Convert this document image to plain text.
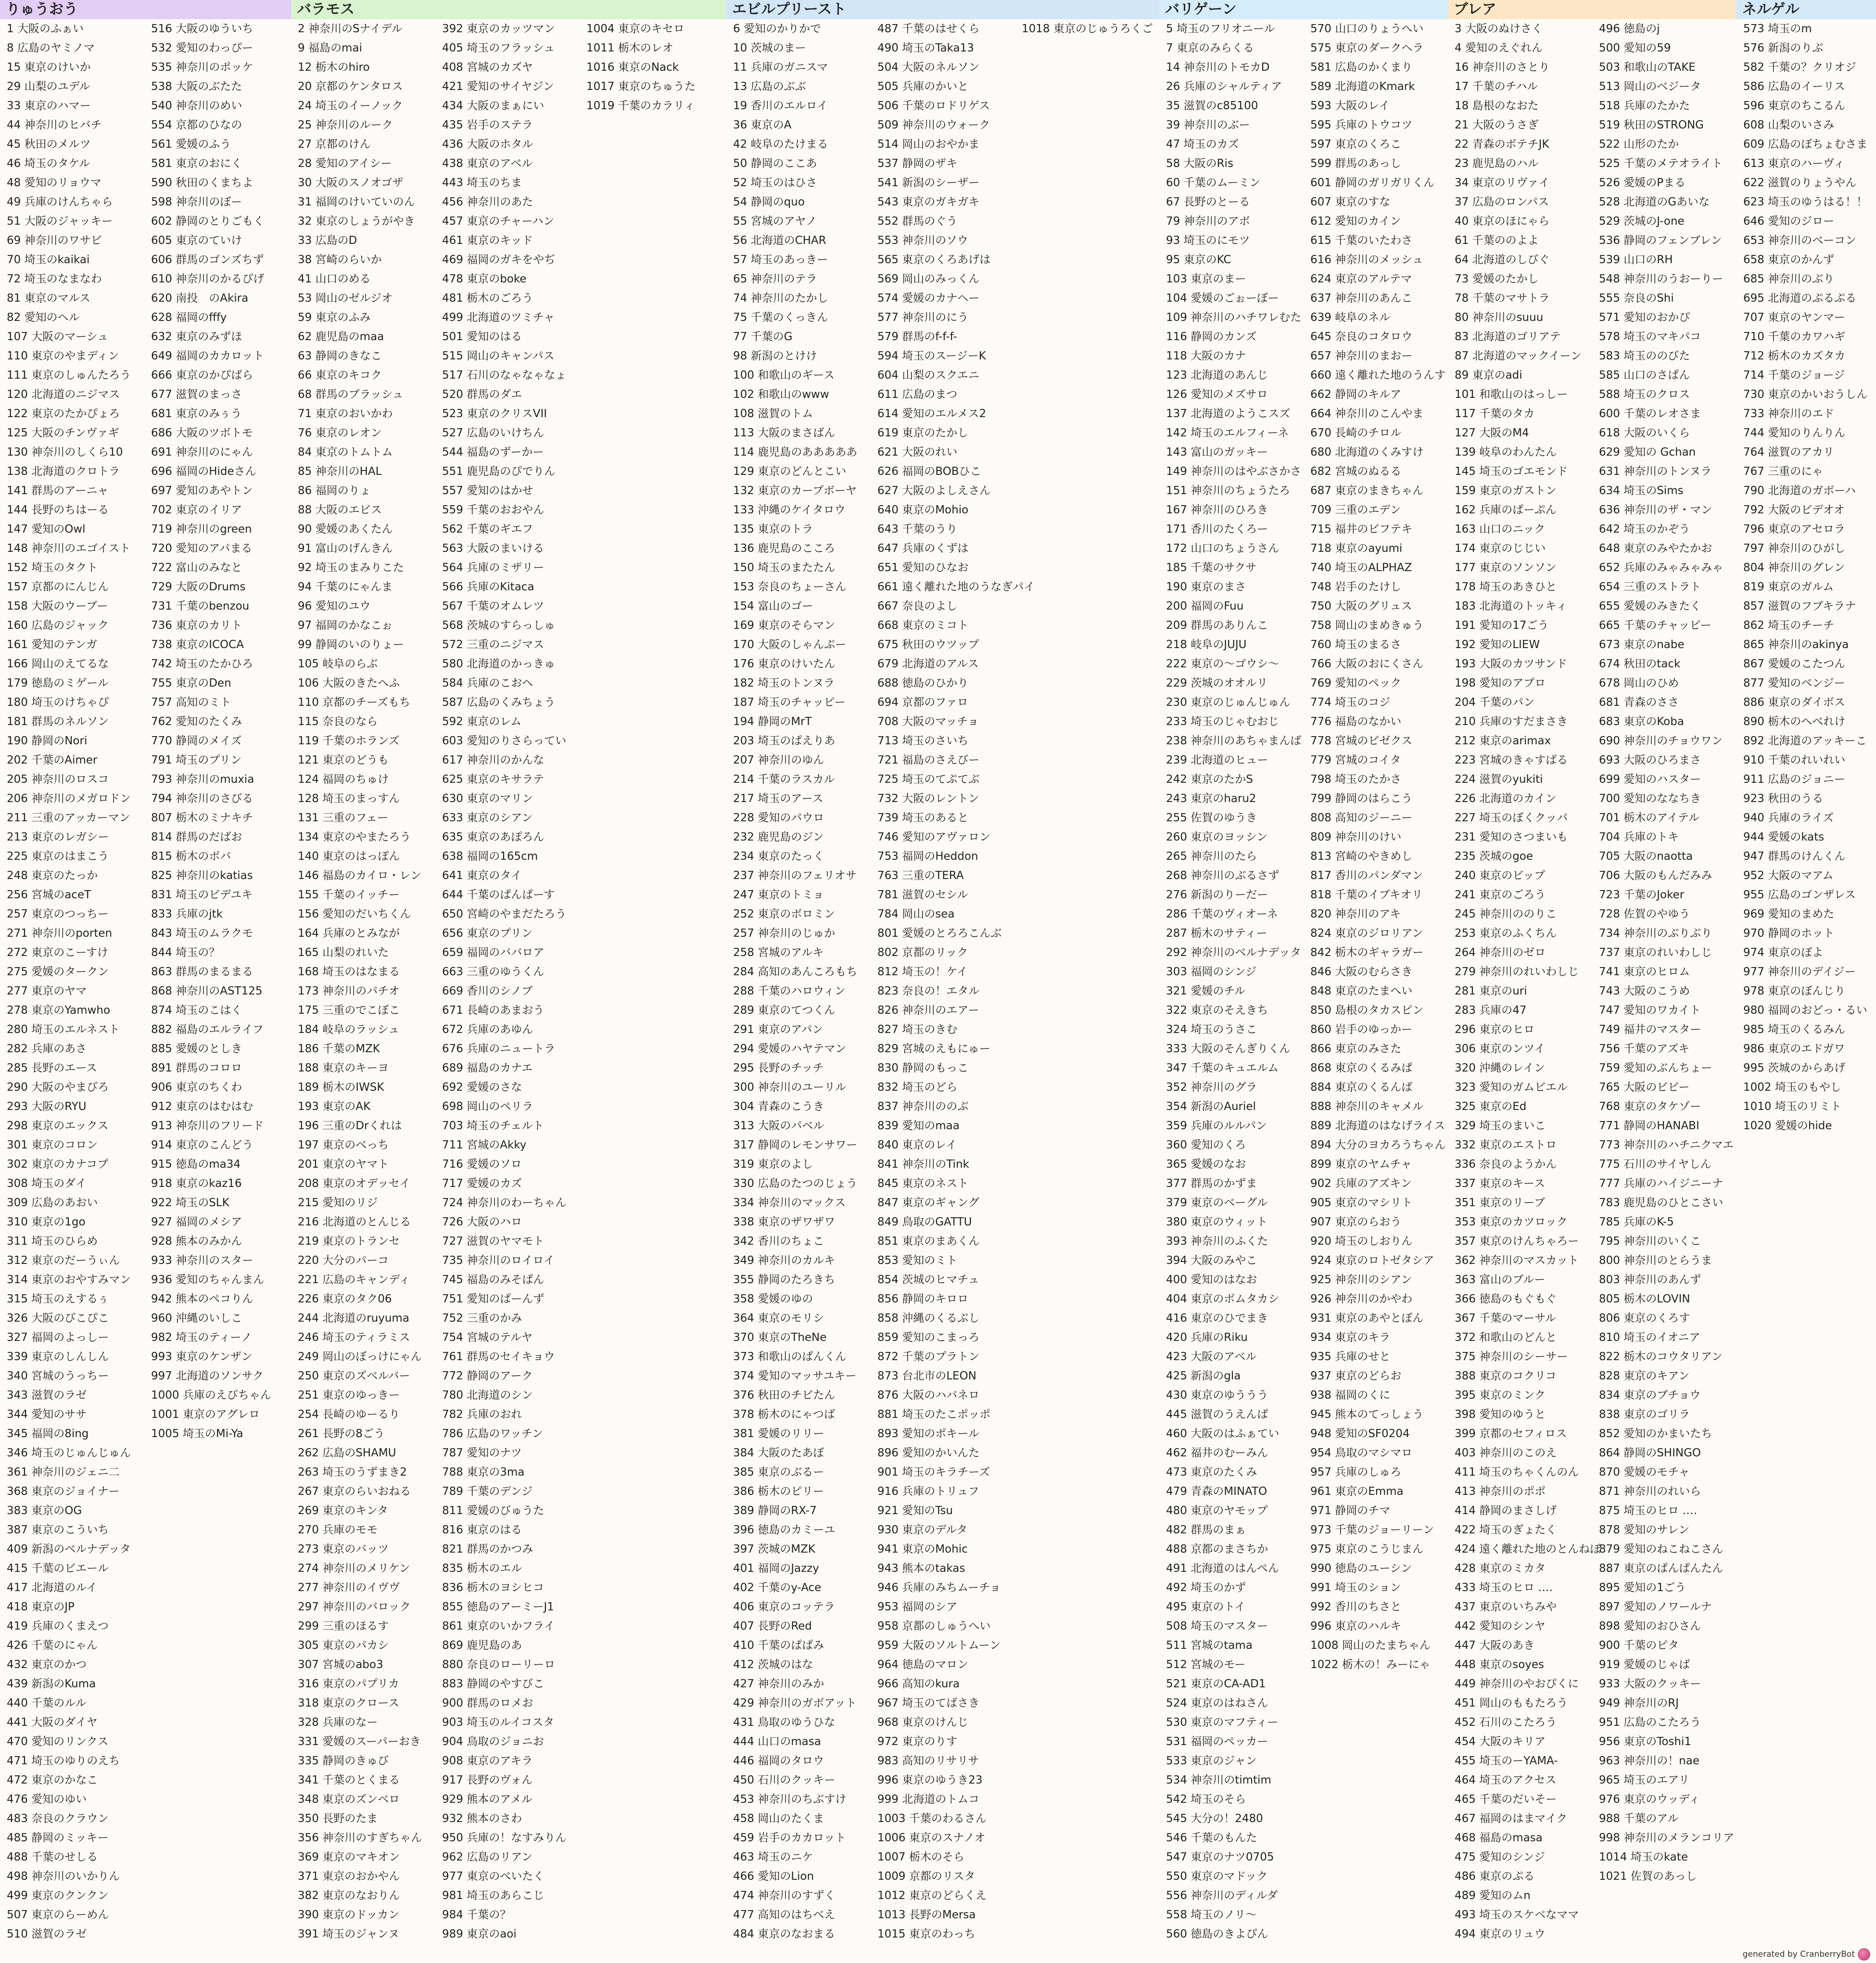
りゅうおう
1 大阪のふぁい
8 広島のヤミノマ
15 東京のけいか
29 山梨のユデル
33 東京のハマー
44 神奈川のヒバチ
45 秋田のメルツ
46 埼玉のタケル
48 愛知のリョウマ
49 兵庫のけんちゃら
51 大阪のジャッキー
69 神奈川のワサビ
70 埼玉のkaikai
72 埼玉のなまなわ
81 東京のマルス
82 愛知のヘル
107 大阪のマーシュ
110 東京のやまディン
111 東京のしゅんたろう
120 北海道のニジマス
122 東京のたかぴょろ
125 大阪のチンヴァギ
130 神奈川のしくら10
138 北海道のクロトラ
141 群馬のアーニャ
144 長野のちはーる
147 愛知のOwl
148 神奈川のエゴイスト
152 埼玉のタクト
157 京都のにんじん
158 大阪のウーブー
160 広島のジャック
161 愛知のテンガ
166 岡山のえてるな
179 徳島のミゲール
180 埼玉のけちゃぴ
181 群馬のネルソン
190 静岡のNori
202 千葉のAimer
205 神奈川のロスコ
206 神奈川のメガロドン
211 三重のアッカーマン
213 東京のレガシー
225 東京のはまこう
248 東京のたっか
256 宮城のaceT
257 東京のつっちー
271 神奈川のporten
272 東京のこーすけ
275 愛媛のタークン
277 東京のヤマ
278 東京のYamwho
280 埼玉のエルネスト
282 兵庫のあさ
285 長野のエース
290 大阪のやまびろ
293 大阪のRYU
298 東京のエックス
301 東京のコロン
302 東京のカナコプ
308 埼玉のダイ
309 広島のあおい
310 東京の1go
311 埼玉のひらめ
312 東京のだーうぃん
314 東京のおやすみマン
315 埼玉のえするぅ
326 大阪のびこぴこ
327 福岡のよっしー
339 東京のしんしん
340 宮城のうっちー
343 滋賀のラゼ
344 愛知のササ
345 福岡の8ing
346 埼玉のじゅんじゅん
361 神奈川のジェニ二
368 東京のジョイナー
383 東京のOG
387 東京のこういち
409 新潟のベルナデッタ
415 千葉のビエール
417 北海道のルイ
418 東京のJP
419 兵庫のくまえつ
426 千葉のにゃん
432 東京のかつ
439 新潟のKuma
440 千葉のルル
441 大阪のダイヤ
470 愛知のリンクス
471 埼玉のゆりのえち
472 東京のかなこ
476 愛知のゆい
483 奈良のクラウン
485 静岡のミッキー
488 千葉のせしる
498 神奈川のいかりん
499 東京のクンクン
507 東京のらーめん
510 滋賀のラゼ
516 大阪のゆういち
532 愛知のわっぴー
535 神奈川のポッケ
538 大阪のぶたた
540 神奈川のめい
554 京都のひなの
561 愛媛のふう
581 東京のおにく
590 秋田のくまちよ
598 神奈川のぼー
602 静岡のとりごもく
605 東京のていけ
606 群馬のゴンズちず
610 神奈川のかるぴげ
620 南投　のAkira
628 福岡のfffy
632 東京のみずほ
649 福岡のカカロット
666 東京のかぴばら
677 滋賀のまっさ
681 東京のみぅう
686 大阪のツボトモ
691 神奈川のにゃん
696 福岡のHideさん
697 愛知のあやトン
702 東京のイリア
719 神奈川のgreen
720 愛知のアパまる
722 富山のみなと
729 大阪のDrums
731 千葉のbenzou
736 東京のカリト
738 東京のICOCA
742 埼玉のたかひろ
755 東京のDen
757 高知のミト
762 愛知のたくみ
770 静岡のメイズ
791 埼玉のプリン
793 神奈川のmuxia
794 神奈川のさびる
807 栃木のミナキチ
814 群馬のだばお
815 栃木のボバ
825 神奈川のkatias
831 埼玉のビデユキ
833 兵庫のjtk
843 埼玉のムラクモ
844 埼玉の？
863 群馬のまるまる
868 神奈川のAST125
874 埼玉のこはく
882 福島のエルライフ
885 愛媛のとしき
891 群馬のコロロ
906 東京のちくわ
912 東京のはむはむ
913 神奈川のフリード
914 東京のこんどう
915 徳島のma34
918 東京のkaz16
922 埼玉のSLK
927 福岡のメシア
928 熊本のみかん
933 神奈川のスター
936 愛知のちゃんまん
942 熊本のペコりん
960 沖縄のいしこ
982 埼玉のティーノ
993 東京のケンザン
997 北海道のソンサク
1000 兵庫のえびちゃん
1001 東京のアグレロ
1005 埼玉のMi-Ya
バラモス
2 神奈川のSナイデル
9 福島のmai
12 栃木のhiro
20 京都のケンタロス
24 埼玉のイーノック
25 神奈川のルーク
27 京都のけん
28 愛知のアイシー
30 大阪のスノオゴザ
31 福岡のけいていのん
32 東京のしょうがやき
33 広島のD
38 宮崎のらいか
41 山口のめる
53 岡山のゼルジオ
59 東京のふみ
62 鹿児島のmaa
63 静岡のきなこ
66 東京のキコク
68 群馬のブラッシュ
71 東京のおいかわ
76 東京のレオン
84 東京のトムトム
85 神奈川のHAL
86 福岡のりょ
88 大阪のエビス
90 愛媛のあくたん
91 富山のげんきん
92 埼玉のまみりこた
94 千葉のにゃんま
96 愛知のユウ
97 福岡のかなこぉ
99 静岡のいのりょー
105 岐阜のらぶ
106 大阪のきたへふ
110 京都のチーズもち
115 奈良のなら
119 千葉のホランズ
121 東京のどうも
124 福岡のちゅけ
128 埼玉のまっすん
131 三重のフェー
134 東京のやまたろう
140 東京のはっぽん
146 福島のカイロ・レン
155 千葉のイッチー
156 愛知のだいちくん
164 兵庫のとみなが
165 山梨のれいた
168 埼玉のはなまる
173 神奈川のパチオ
175 三重のでこぼこ
184 岐阜のラッシュ
186 千葉のMZK
188 東京のキーヨ
189 栃木のIWSK
193 東京のAK
196 三重のDrくれは
197 東京のべっち
201 東京のヤマト
208 東京のオデッセイ
215 愛知のリジ
216 北海道のとんじる
219 東京のトランセ
220 大分のパーコ
221 広島のキャンディ
226 東京のタク06
244 北海道のruyuma
246 埼玉のティラミス
249 岡山のぼっけにゃん
250 東京のズベルバー
251 東京のゆっきー
254 長崎のゆーるり
261 長野の8ごう
262 広島のSHAMU
263 埼玉のうずまき2
267 東京のらいおねる
269 東京のキンタ
270 兵庫のモモ
273 東京のバッツ
274 神奈川のメリケン
277 神奈川のイヴヴ
297 神奈川のバロック
299 三重のほるす
305 東京のパカシ
307 宮城のabo3
316 東京のパプリカ
318 東京のクロース
328 兵庫のなー
331 愛媛のスーパーおき
335 静岡のきゅび
341 千葉のとくまる
348 東京のズンベロ
350 長野のたま
356 神奈川のすぎちゃん
369 東京のマキオン
371 東京のおかやん
382 東京のなおりん
390 東京のドッカン
391 埼玉のジャンヌ
392 東京のカッツマン
405 埼玉のフラッシュ
408 宮城のカズヤ
421 愛知のサイヤジン
434 大阪のまぁにい
435 岩手のステラ
436 大阪のホタル
438 東京のアベル
443 埼玉のちま
456 神奈川のあた
457 東京のチャーハン
461 東京のキッド
469 福岡のガキをやぢ
478 東京のboke
481 栃木のごろう
499 北海道のツミチャ
501 愛知のはる
515 岡山のキャンパス
517 石川のなゃなゃなょ
520 群馬のダエ
523 東京のクリスVII
527 広島のいけちん
544 福島のずーかー
551 鹿児島のぴでりん
557 愛知のはかせ
559 千葉のおおやん
562 千葉のギエフ
563 大阪のまいける
564 兵庫のミザリー
566 兵庫のKitaca
567 千葉のオムレツ
568 茨城のすらっしゅ
572 三重のニジマス
580 北海道のかっきゅ
584 兵庫のこおへ
587 広島のくみちょう
592 東京のレム
603 愛知のりさらってい
617 神奈川のかんな
625 東京のキサラテ
630 東京のマリン
633 東京のシアン
635 東京のあぽろん
638 福岡の165cm
641 東京のタイ
644 千葉のぱんぱーす
650 宮崎のやまだたろう
656 東京のプリン
659 福岡のババロア
663 三重のゆうくん
669 香川のシノブ
671 長崎のあまおう
672 兵庫のあゆん
676 兵庫のニュートラ
689 福島のカナエ
692 愛媛のさな
698 岡山のペリラ
703 埼玉のチェルト
711 宮城のAkky
716 愛媛のソロ
717 愛媛のカズ
724 神奈川のわーちゃん
726 大阪のハロ
727 滋賀のヤマモト
735 神奈川のロイロイ
745 福島のみそぱん
751 愛知のぱーんず
752 三重のかみ
754 宮城のテルヤ
761 群馬のセイキョウ
772 静岡のアーク
780 北海道のシン
782 兵庫のおれ
786 広島のワッチン
787 愛知のナツ
788 東京の3ma
789 千葉のデンジ
811 愛媛のびゅうた
816 東京のはる
821 群馬のかつみ
835 栃木のエル
836 栃木のヨシヒコ
855 徳島のアーミーJ1
861 東京のいかフライ
869 鹿児島のあ
880 奈良のローリーロ
883 静岡のやすびこ
900 群馬のロメお
903 埼玉のルイコスタ
904 鳥取のジョニお
908 東京のアキラ
917 長野のヴォん
929 熊本のアメル
932 熊本のさわ
950 兵庫の！なすみりん
962 広島のリアン
977 東京のべいたく
981 埼玉のあらこじ
984 千葉の？
989 東京のaoi
1004 東京のキセロ
1011 栃木のレオ
1016 東京のNack
1017 東京のちゅうた
1019 千葉のカラリィ
エビルプリースト
6 愛知のかりかで
10 茨城のまー
11 兵庫のガニスマ
13 広島のぶぶ
19 香川のエルロイ
36 東京のA
42 岐阜のたけまる
50 静岡のここあ
52 埼玉のはひさ
54 静岡のquo
55 宮城のアヤノ
56 北海道のCHAR
57 埼玉のあっきー
65 神奈川のテラ
74 神奈川のたかし
75 千葉のくっきん
77 千葉のG
98 新潟のとけけ
100 和歌山のギース
102 和歌山のwww
108 滋賀のトム
113 大阪のまさばん
114 鹿児島のあああああ
129 東京のどんとこい
132 東京のカープボーヤ
133 沖縄のケイタロウ
135 東京のトラ
136 鹿児島のこころ
150 埼玉のまたたん
153 奈良のちょーさん
154 富山のゴー
169 東京のそらマン
170 大阪のしゃんぷー
176 東京のけいたん
182 埼玉のトンヌラ
187 埼玉のチャッピー
194 静岡のMrT
203 埼玉のぱえりあ
207 神奈川のゆん
214 千葉のラスカル
217 埼玉のアース
228 愛知のパウロ
232 鹿児島のジン
234 東京のたっく
237 神奈川のフェリオサ
247 東京のトミョ
252 東京のボロミン
257 神奈川のじゅか
258 宮城のアルキ
284 高知のあんころもち
288 千葉のハロウィン
289 東京のてつくん
291 東京のアパン
294 愛媛のハヤテマン
295 長野のチッチ
300 神奈川のユーリル
304 青森のこうき
313 大阪のパベル
317 静岡のレモンサワー
319 東京のよし
330 広島のたつのじょう
334 神奈川のマックス
338 東京のザワザワ
342 香川のちょこ
349 神奈川のカルキ
355 静岡のたろきち
358 愛媛のゆの
364 東京のモリシ
370 東京のTheNe
373 和歌山のぱんくん
374 愛知のマッサユキー
376 秋田のチビたん
378 栃木のにゃつば
381 愛媛のリリー
384 大阪のたあぼ
385 東京のぶるー
386 栃木のピリー
389 静岡のRX-7
396 徳島のカミーユ
397 茨城のMZK
401 福岡のJazzy
402 千葉のy-Ace
406 東京のコッテラ
407 長野のRed
410 千葉のぱぱみ
412 茨城のはな
427 神奈川のみか
429 神奈川のガボアット
431 鳥取のゆうひな
444 山口のmasa
446 福岡のタロウ
450 石川のクッキー
453 神奈川のちぶすけ
458 岡山のたくま
459 岩手のカカロット
463 埼玉のニケ
466 愛知のLion
474 神奈川のすずく
477 高知のはちべえ
484 東京のなおまる
487 千葉のはせくら
490 埼玉のTaka13
504 大阪のネルソン
505 兵庫のかいと
506 千葉のロドリゲス
509 神奈川のウォーク
514 岡山のおやかま
537 静岡のザキ
541 新潟のシーザー
543 東京のガキガキ
552 群馬のぐう
553 神奈川のソウ
565 東京のくろあげは
569 岡山のみっくん
574 愛媛のカナヘー
577 神奈川のにう
579 群馬のf-f-f-
594 埼玉のスージーK
604 山梨のスクエニ
611 広島のまつ
614 愛知のエルメス2
619 東京のたかし
621 大阪のれい
626 福岡のBOBひこ
627 大阪のよしえさん
640 東京のMohio
643 千葉のうり
647 兵庫のくずは
651 愛知のひなお
661 遠く離れた地のうなぎパイ
667 奈良のよし
668 東京のミコト
675 秋田のウツップ
679 北海道のアルス
688 徳島のひかり
694 京都のファロ
708 大阪のマッチョ
713 埼玉のさいち
721 福島のさえびー
725 埼玉のてぷてぶ
732 大阪のレントン
739 埼玉のあると
746 愛知のアヴァロン
753 福岡のHeddon
763 三重のTERA
781 滋賀のセシル
784 岡山のsea
801 愛媛のとろろこんぶ
802 京都のリック
812 埼玉の！ケイ
823 奈良の！エタル
826 神奈川のエアー
827 埼玉のきむ
829 宮城のえもにゅー
830 静岡のもっこ
832 埼玉のどら
837 神奈川ののぶ
839 愛知のmaa
840 東京のレイ
841 神奈川のTink
845 東京のネスト
847 東京のギャング
849 鳥取のGATTU
851 東京のまあくん
853 愛知のミト
854 茨城のヒマチュ
856 静岡のキロロ
858 沖縄のくるぶし
859 愛知のこまっろ
872 千葉のプラトン
873 台北市のLEON
876 大阪のハバネロ
881 埼玉のたこポッポ
893 愛知のポキール
896 愛知のかいんた
901 埼玉のキラチーズ
916 兵庫のトリュフ
921 愛知のTsu
930 東京のデルタ
941 東京のMohic
943 熊本のtakas
946 兵庫のみちムーチョ
953 福岡のシア
958 京都のしゅうへい
959 大阪のソルトムーン
964 徳島のマロン
966 高知のkura
967 埼玉のてばさき
968 東京のけんじ
972 東京のりす
983 高知のリサリサ
996 東京のゆうき23
999 北海道のトムコ
1003 千葉のわるさん
1006 東京のスナノオ
1007 栃木のそら
1009 京都のリスタ
1012 東京のどらくえ
1013 長野のMersa
1015 東京のわっち
1018 東京のじゅうろくご
バリゲーン
5 埼玉のフリオニール
7 東京のみらくる
14 神奈川のトモカD
26 兵庫のシャルティア
35 滋賀のc85100
39 神奈川のぶー
47 埼玉のカズ
58 大阪のRis
60 千葉のムーミン
67 長野のとーる
79 神奈川のアボ
93 埼玉のにモツ
95 東京のKC
103 東京のまー
104 愛媛のごぉーぼー
109 神奈川のハチワレむた
116 静岡のカンズ
118 大阪のカナ
123 北海道のあんじ
126 愛知のメズサロ
137 北海道のようこスズ
142 埼玉のエルフィーネ
143 富山のガッキー
149 神奈川のはやぶさかさ
151 神奈川のちょうたろ
167 神奈川のひろき
171 香川のたくろー
172 山口のちょうさん
185 千葉のサクサ
190 東京のまさ
200 福岡のFuu
209 群馬のありんこ
218 岐阜のJUJU
222 東京の〜ゴウシ〜
229 茨城のオオルリ
230 東京のじゅんじゅん
233 埼玉のじゃむおじ
238 神奈川のあちゃまんば
239 北海道のヒュー
242 東京のたかS
243 東京のharu2
255 佐賀のゆうき
260 東京のヨッシン
265 神奈川のたら
268 神奈川のぶるさず
276 新潟のりーだー
286 千葉のヴィオーネ
287 栃木のサティー
292 神奈川のベルナデッタ
303 福岡のシンジ
321 愛媛のチル
322 東京のそえきち
324 埼玉のうさこ
333 大阪のそんぎりくん
347 千葉のキュエルム
352 神奈川のグラ
354 新潟のAuriel
359 兵庫のルルパン
360 愛知のくろ
365 愛媛のなお
377 群馬のかずま
379 東京のベーグル
380 東京のウィット
393 神奈川のふくた
394 大阪のみやこ
400 愛知のはなお
404 東京のボムタカシ
416 東京のひでまき
420 兵庫のRiku
423 大阪のアベル
425 新潟のgla
430 東京のゆううう
445 滋賀のうえんば
460 大阪のはふぁてい
462 福井のむーみん
473 東京のたくみ
479 青森のMINATO
480 東京のヤモップ
482 群馬のまぁ
488 京都のまさちか
491 北海道のはんぺん
492 埼玉のかず
495 東京のトイ
508 埼玉のマスター
511 宮城のtama
512 宮城のモー
521 東京のCA-AD1
524 東京のはねさん
530 東京のマフティー
531 福岡のペッカー
533 東京のジャン
534 神奈川のtimtim
542 埼玉のそら
545 大分の！2480
546 千葉のもんた
547 東京のナツ0705
550 東京のマドック
556 神奈川のディルダ
558 埼玉のノリ〜
560 徳島のきよぴん
570 山口のりょうへい
575 東京のダークヘラ
581 広島のかくまり
589 北海道のKmark
593 大阪のレイ
595 兵庫のトウコツ
597 東京のくろこ
599 群馬のあっし
601 静岡のガリガリくん
607 東京のすな
612 愛知のカイン
615 千葉のいたわさ
616 神奈川のメッシュ
624 東京のアルテマ
637 神奈川のあんこ
639 岐阜のネル
645 奈良のコタロウ
657 神奈川のまおー
660 遠く離れた地のうんす
662 静岡のキルア
664 神奈川のこんやま
670 長崎のチロル
680 北海道のくみすけ
682 宮城のぬるる
687 東京のまきちゃん
709 三重のエデン
715 福井のビフテキ
718 東京のayumi
740 埼玉のALPHAZ
748 岩手のたけし
750 大阪のグリュス
758 岡山のまめきゅう
760 埼玉のまるさ
766 大阪のおにくさん
769 愛知のペック
774 埼玉のコジ
776 福島のなかい
778 宮城のビゼクス
779 宮城のコイタ
798 埼玉のたかさ
799 静岡のはらこう
808 高知のジーニー
809 神奈川のけい
813 宮崎のやきめし
817 香川のパンダマン
818 千葉のイブキオリ
820 神奈川のアキ
824 東京のジロリアン
842 栃木のギャラガー
846 大阪のむらさき
848 東京のたまへい
850 島根のタカスピン
860 岩手のゆっかー
866 東京のみさた
868 東京のくるみぱ
884 東京のくるんば
888 神奈川のキャメル
889 北海道のはなげライス
894 大分のヨカろうちゃん
899 東京のヤムチャ
902 兵庫のアズキン
905 東京のマシリト
907 東京のらおう
920 埼玉のしおりん
924 東京のロトゼタシア
925 神奈川のシアン
926 神奈川のかやわ
931 東京のあやとぼん
934 東京のキラ
935 兵庫のせと
937 東京のどらお
938 福岡のくに
945 熊本のてっしょう
948 愛知のSF0204
954 鳥取のマシマロ
957 兵庫のしゅろ
961 東京のEmma
971 静岡のチマ
973 千葉のジョーリーン
975 東京のこうじまん
990 徳島のユーシン
991 埼玉のション
992 香川のちさと
996 東京のハルキ
1008 岡山のたまちゃん
1022 栃木の！みーにゃ
ブレア
3 大阪のぬけさく
4 愛知のえぐれん
16 神奈川のさとり
17 千葉のチハル
18 島根のなおた
21 大阪のうさぎ
22 青森のボテチJK
23 鹿児島のハル
34 東京のリヴァイ
37 広島のロンパス
40 東京のほにゃら
61 千葉ののよよ
64 北海道のしびぐ
73 愛媛のたかし
78 千葉のマサトラ
80 神奈川のsuuu
83 北海道のゴリアテ
87 北海道のマックイーン
89 東京のadi
101 和歌山のはっしー
117 千葉のタカ
127 大阪のM4
139 岐阜のわんたん
145 埼玉のゴエモンド
159 東京のガストン
162 兵庫のぱーぷん
163 山口のニック
174 東京のじじい
177 東京のソンソン
178 埼玉のあきひと
183 北海道のトッキィ
191 愛知の17ごう
192 愛知のLIEW
193 大阪のカツサンド
198 愛知のアプロ
204 千葉のパン
210 兵庫のすだまさき
212 東京のarimax
223 宮城のきゃすばる
224 滋賀のyukiti
226 北海道のカイン
227 埼玉のぼくクッパ
231 愛知のさつまいも
235 茨城のgoe
240 東京のビップ
241 東京のごろう
245 神奈川ののりこ
253 東京のふくちん
264 神奈川のゼロ
279 神奈川のれいわしじ
281 東京のuri
283 兵庫の47
296 東京のヒロ
306 東京のンツイ
320 沖縄のレイン
323 愛知のガムビエル
325 東京のEd
329 埼玉のまいこ
332 東京のエストロ
336 奈良のようかん
337 東京のキース
351 東京のリーブ
353 東京のカツロック
357 東京のけんちゃろー
362 神奈川のマスカット
363 富山のブルー
366 徳島のもぐもぐ
367 千葉のマーサル
372 和歌山のどんと
375 神奈川のシーサー
388 東京のコクリコ
395 東京のミンク
398 愛知のゆうと
399 京都のセフィロス
403 神奈川のこのえ
411 埼玉のちゃくんのん
413 神奈川のポポ
414 静岡のまさしげ
422 埼玉のぎょたく
424 遠く離れた地のとんねぼ
428 東京のミカタ
433 埼玉のヒロ ‥‥
437 東京のいちみや
442 愛知のシンヤ
447 大阪のあき
448 東京のsoyes
449 神奈川のやおぴくに
451 岡山のももたろう
452 石川のこたろう
454 大阪のキリア
455 埼玉のーYAMA-
464 埼玉のアクセス
465 千葉のだいそー
467 福岡のはまマイク
468 福島のmasa
475 愛知のシンジ
486 東京のぷる
489 愛知のムn
493 埼玉のスケベなママ
494 東京のリュウ
496 徳島のj
500 愛知の59
503 和歌山のTAKE
513 岡山のベジータ
518 兵庫のたかた
519 秋田のSTRONG
522 山形のたか
525 千葉のメテオライト
526 愛媛のPまる
528 北海道のGあいな
529 茨城のJ-one
536 静岡のフェンブレン
539 山口のRH
548 神奈川のうおーりー
555 奈良のShi
571 愛知のおかぴ
578 埼玉のマキパコ
583 埼玉ののびた
585 山口のさぱん
588 埼玉のクロス
600 千葉のレオさま
618 大阪のいくら
629 愛知の Gchan
631 神奈川のトンヌラ
634 埼玉のSims
636 神奈川のザ・マン
642 埼玉のかぞう
648 東京のみやたかお
652 兵庫のみゃみゃみゃ
654 三重のストラト
655 愛媛のみきたく
665 千葉のチャッピー
673 東京のnabe
674 秋田のtack
678 岡山のひめ
681 青森のささ
683 東京のKoba
690 神奈川のチョウワン
693 大阪のひろまさ
699 愛知のハスター
700 愛知のななちき
701 栃木のアイテル
704 兵庫のトキ
705 大阪のnaotta
706 大阪のもんだみみ
723 千葉のJoker
728 佐賀のやゆう
734 神奈川のぶりぶり
737 東京のれいわしじ
741 東京のヒロム
743 大阪のこうめ
747 愛知のワカイト
749 福井のマスター
756 千葉のアズキ
759 愛知のぶんちょー
765 大阪のビビー
768 東京のタケゾー
771 静岡のHANABI
773 神奈川のハチニクマエ
775 石川のサイヤしん
777 兵庫のハイジニーナ
783 鹿児島のひとこさい
785 兵庫のK-5
795 神奈川のいくこ
800 神奈川のとらうま
803 神奈川のあんず
805 栃木のLOVIN
806 東京のくろす
810 埼玉のイオニア
822 栃木のコウタリアン
828 東京のキアン
834 東京のブチョウ
838 東京のゴリラ
852 愛知のかまいたち
864 静岡のSHINGO
870 愛媛のモチャ
871 神奈川のれいら
875 埼玉のヒロ ‥‥
878 愛知のサレン
879 愛知のねこねこさん
887 東京のぱんぱんたん
895 愛知の1ごう
897 愛知のノワールナ
898 愛知のおひさん
900 千葉のピタ
919 愛媛のじゃば
933 大阪のクッキー
949 神奈川のRJ
951 広島のこたろう
956 東京のToshi1
963 神奈川の！nae
965 埼玉のエアリ
976 東京のウッディ
988 千葉のアル
998 神奈川のメランコリア
1014 埼玉のkate
1021 佐賀のあっし
ネルゲル
573 埼玉のm
576 新潟のりぶ
582 千葉の？クリオジ
586 広島のイーリス
596 東京のちこるん
608 山梨のいさみ
609 広島のぼちょむさま
613 東京のハーヴィ
622 滋賀のりょうやん
623 埼玉のゆうはる！！
646 愛知のジロー
653 神奈川のベーコン
658 東京のかんず
685 神奈川のぶり
695 北海道のぷるぷる
707 東京のヤンマー
710 千葉のカワハギ
712 栃木のカズタカ
714 千葉のジョージ
730 東京のかいおうしん
733 神奈川のエド
744 愛知のりんりん
764 滋賀のアカリ
767 三重のにゃ
790 北海道のガボーハ
792 大阪のビデオオ
796 東京のアセロラ
797 神奈川のひがし
804 神奈川のグレン
819 東京のガルム
857 滋賀のフブキラナ
862 埼玉のチーチ
865 神奈川のakinya
867 愛媛のこたつん
877 愛知のベンジー
886 東京のダイボス
890 栃木のへべれけ
892 北海道のアッキーこ
910 千葉のれいれい
911 広島のジョニー
923 秋田のうる
940 兵庫のライズ
944 愛媛のkats
947 群馬のけんくん
952 大阪のマアム
955 広島のゴンザレス
969 愛知のまめた
970 静岡のホット
974 東京のぽよ
977 神奈川のデイジー
978 東京のぼんじり
980 福岡のおどっ・るい
985 埼玉のくるみん
986 東京のエドガワ
995 茨城のからあげ
1002 埼玉のもやし
1010 埼玉のリミト
1020 愛媛のhide
generated by CranberryBot
